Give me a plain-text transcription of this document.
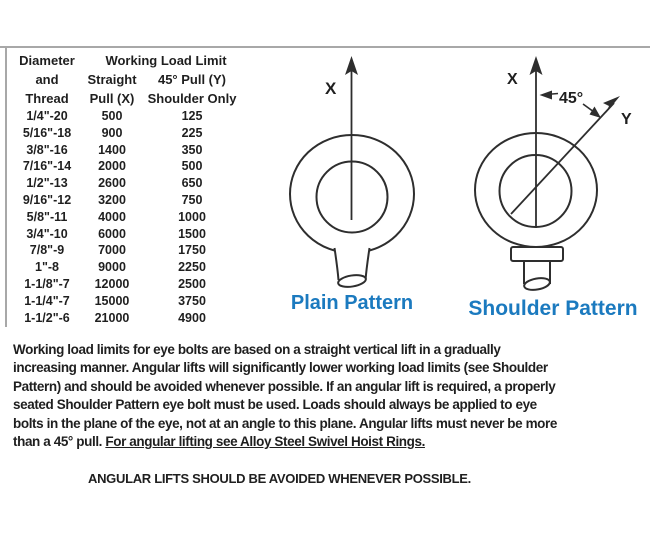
Diameter	Working Load Limit
and	Straight	45° Pull (Y)
Thread	Pull (X)	Shoulder Only
1/4"-20	500	125
5/16"-18	900	225
3/8"-16	1400	350
7/16"-14	2000	500
1/2"-13	2600	650
9/16"-12	3200	750
5/8"-11	4000	1000
3/4"-10	6000	1500
7/8"-9	7000	1750
1"-8	9000	2250
1-1/8"-7	12000	2500
1-1/4"-7	15000	3750
1-1/2"-6	21000	4900
X
Plain Pattern
X
45°
Y
Shoulder Pattern
Working load limits for eye bolts are based on a straight vertical lift in a gradually
increasing manner. Angular lifts will significantly lower working load limits (see Shoulder
Pattern) and should be avoided whenever possible. If an angular lift is required, a properly
seated Shoulder Pattern eye bolt must be used. Loads should always be applied to eye
bolts in the plane of the eye, not at an angle to this plane. Angular lifts must never be more
than a 45° pull. For angular lifting see Alloy Steel Swivel Hoist Rings.
ANGULAR LIFTS SHOULD BE AVOIDED WHENEVER POSSIBLE.
